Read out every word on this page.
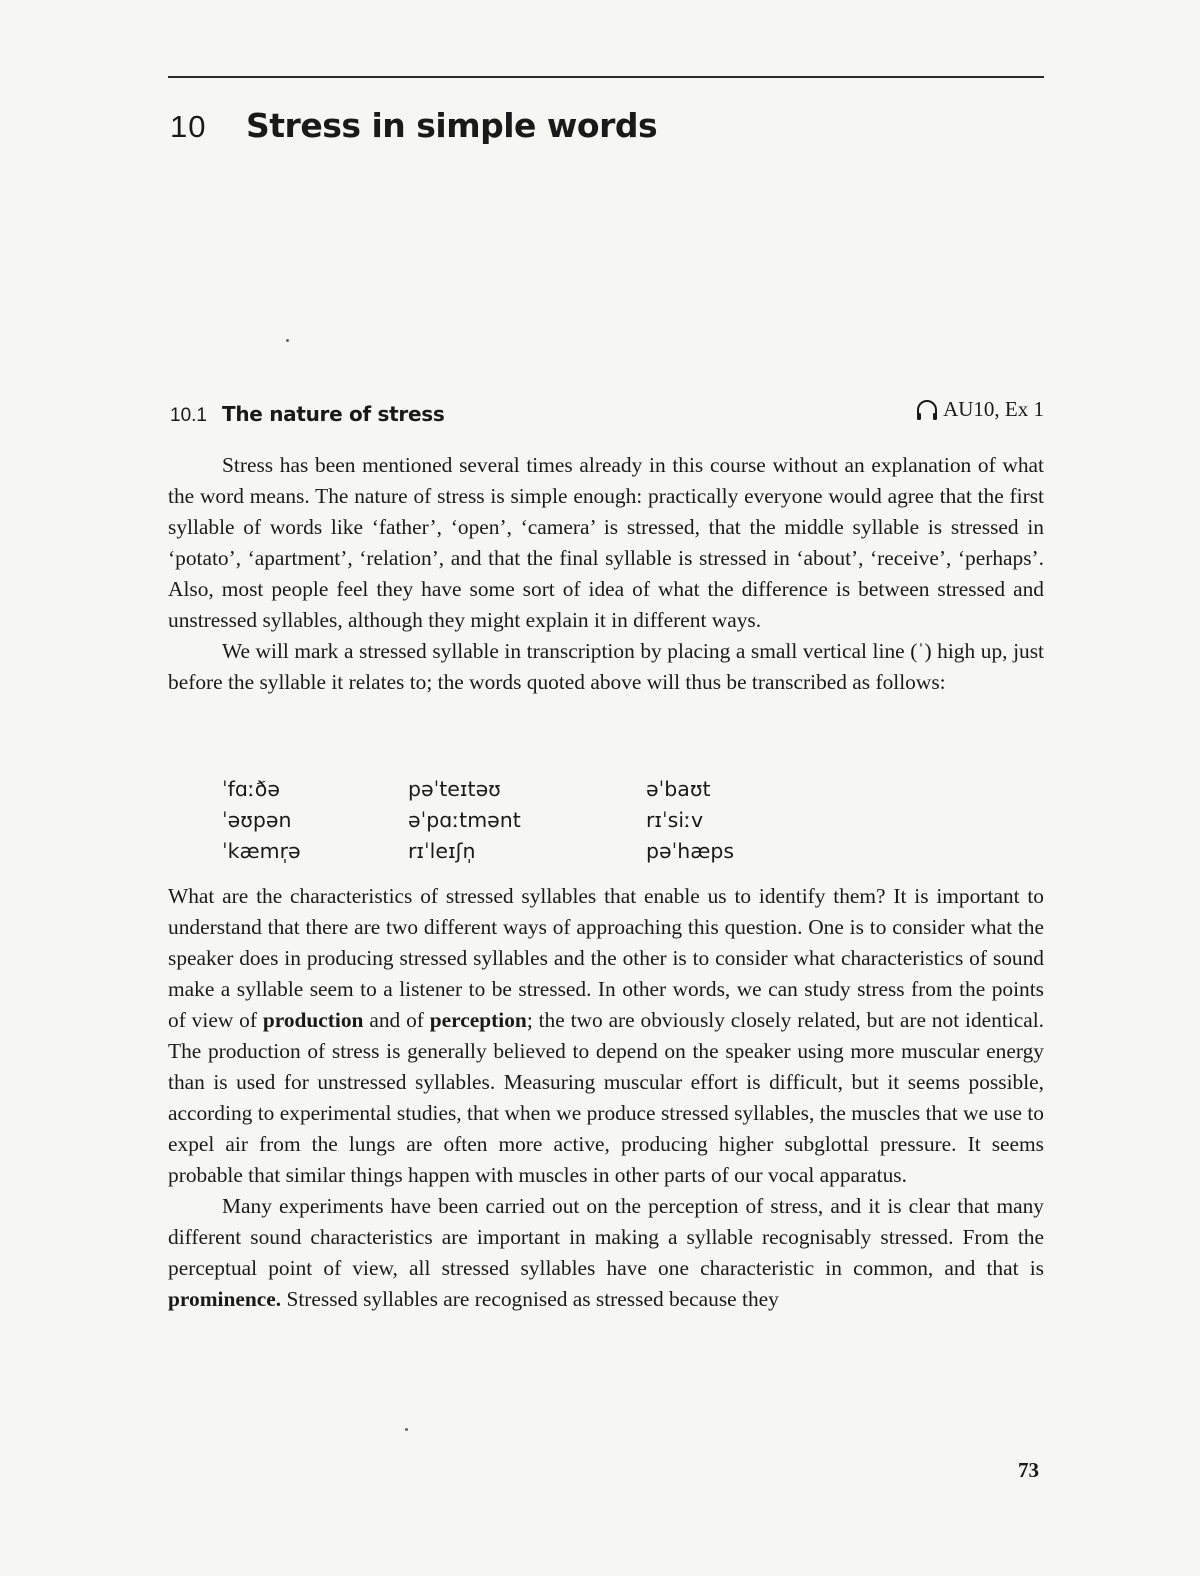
10	Stress in simple words
10.1 The nature of stress	AU10, Ex 1

Stress has been mentioned several times already in this course without an explanation of what the word means. The nature of stress is simple enough: practically everyone would agree that the first syllable of words like ‘father’, ‘open’, ‘camera’ is stressed, that the middle syllable is stressed in ‘potato’, ‘apartment’, ‘relation’, and that the final syllable is stressed in ‘about’, ‘receive’, ‘perhaps’. Also, most people feel they have some sort of idea of what the difference is between stressed and unstressed syllables, although they might explain it in different ways.

We will mark a stressed syllable in transcription by placing a small vertical line (ˈ) high up, just before the syllable it relates to; the words quoted above will thus be transcribed as follows:

ˈfɑːðə	pəˈteɪtəʊ	əˈbaʊt
ˈəʊpən	əˈpɑːtmənt	rɪˈsiːv
ˈkæmr̩ə	rɪˈleɪʃn̩	pəˈhæps

What are the characteristics of stressed syllables that enable us to identify them? It is important to understand that there are two different ways of approaching this question. One is to consider what the speaker does in producing stressed syllables and the other is to consider what characteristics of sound make a syllable seem to a listener to be stressed. In other words, we can study stress from the points of view of production and of perception; the two are obviously closely related, but are not identical. The production of stress is generally believed to depend on the speaker using more muscular energy than is used for unstressed syllables. Measuring muscular effort is difficult, but it seems possible, according to experimental studies, that when we produce stressed syllables, the muscles that we use to expel air from the lungs are often more active, producing higher subglottal pressure. It seems probable that similar things happen with muscles in other parts of our vocal apparatus.

Many experiments have been carried out on the perception of stress, and it is clear that many different sound characteristics are important in making a syllable recognisably stressed. From the perceptual point of view, all stressed syllables have one characteristic in common, and that is prominence. Stressed syllables are recognised as stressed because they

73
